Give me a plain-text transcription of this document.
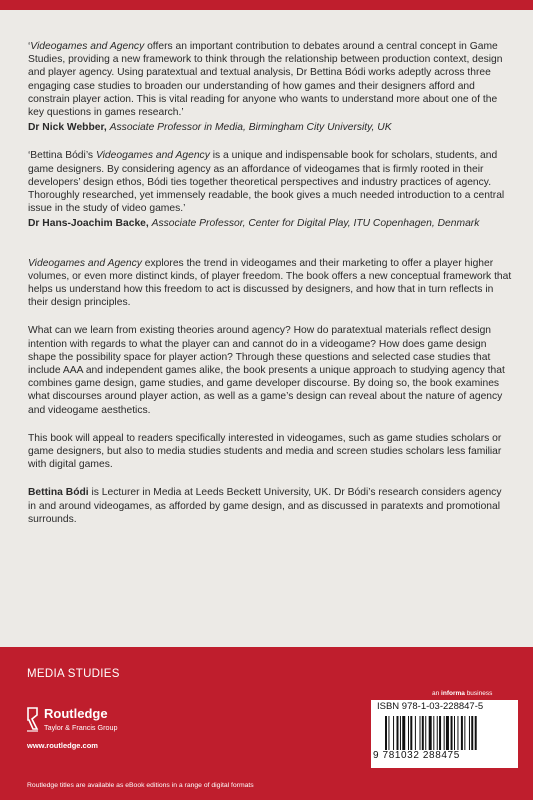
‘Videogames and Agency offers an important contribution to debates around a central concept in Game Studies, providing a new framework to think through the relationship between production context, design and player agency. Using paratextual and textual analysis, Dr Bettina Bódi works adeptly across three engaging case studies to broaden our understanding of how games and their designers afford and constrain player action. This is vital reading for anyone who wants to understand more about one of the key questions in games research.’

Dr Nick Webber, Associate Professor in Media, Birmingham City University, UK

‘Bettina Bódi’s Videogames and Agency is a unique and indispensable book for scholars, students, and game designers. By considering agency as an affordance of videogames that is firmly rooted in their developers’ design ethos, Bódi ties together theoretical perspectives and industry practices of agency. Thoroughly researched, yet immensely readable, the book gives a much needed introduction to a central issue in the study of video games.’

Dr Hans-Joachim Backe, Associate Professor, Center for Digital Play, ITU Copenhagen, Denmark

Videogames and Agency explores the trend in videogames and their marketing to offer a player higher volumes, or even more distinct kinds, of player freedom. The book offers a new conceptual framework that helps us understand how this freedom to act is discussed by designers, and how that in turn reflects in their design principles.

What can we learn from existing theories around agency? How do paratextual materials reflect design intention with regards to what the player can and cannot do in a videogame? How does game design shape the possibility space for player action? Through these questions and selected case studies that include AAA and independent games alike, the book presents a unique approach to studying agency that combines game design, game studies, and game developer discourse. By doing so, the book examines what discourses around player action, as well as a game’s design can reveal about the nature of agency and videogame aesthetics.

This book will appeal to readers specifically interested in videogames, such as game studies scholars or game designers, but also to media studies students and media and screen studies scholars less familiar with digital games.

Bettina Bódi is Lecturer in Media at Leeds Beckett University, UK. Dr Bódi’s research considers agency in and around videogames, as afforded by game design, and as discussed in paratexts and promotional surrounds.

MEDIA STUDIES
Routledge
Taylor & Francis Group
www.routledge.com
Routledge titles are available as eBook editions in a range of digital formats
an informa business
ISBN 978-1-03-228847-5
9 781032 288475
